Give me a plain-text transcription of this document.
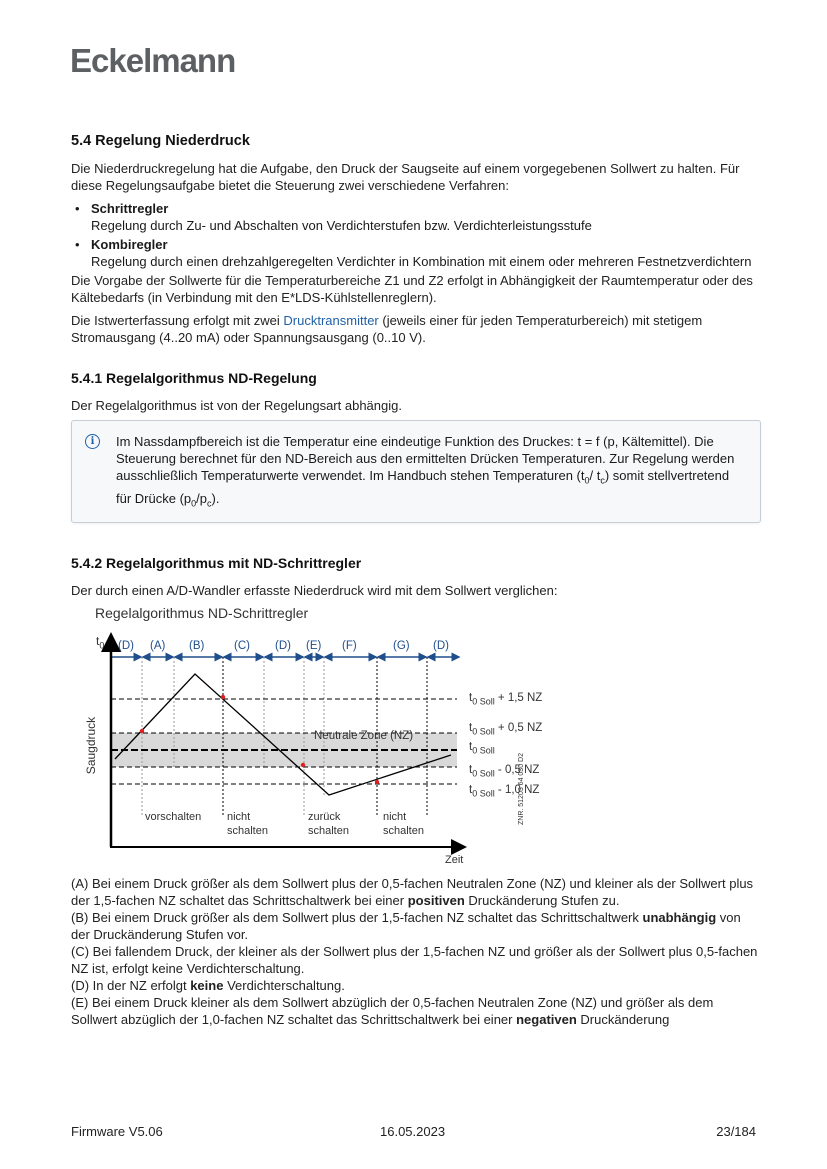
Eckelmann
5.4 Regelung Niederdruck

Die Niederdruckregelung hat die Aufgabe, den Druck der Saugseite auf einem vorgegebenen Sollwert zu halten. Für diese Regelungsaufgabe bietet die Steuerung zwei verschiedene Verfahren:

• Schrittregler
Regelung durch Zu- und Abschalten von Verdichterstufen bzw. Verdichterleistungsstufe
• Kombiregler
Regelung durch einen drehzahlgeregelten Verdichter in Kombination mit einem oder mehreren Festnetzverdichtern

Die Vorgabe der Sollwerte für die Temperaturbereiche Z1 und Z2 erfolgt in Abhängigkeit der Raumtemperatur oder des Kältebedarfs (in Verbindung mit den E*LDS-Kühlstellenreglern).

Die Istwerterfassung erfolgt mit zwei Drucktransmitter (jeweils einer für jeden Temperaturbereich) mit stetigem Stromausgang (4..20 mA) oder Spannungsausgang (0..10 V).

5.4.1 Regelalgorithmus ND-Regelung

Der Regelalgorithmus ist von der Regelungsart abhängig.

i	Im Nassdampfbereich ist die Temperatur eine eindeutige Funktion des Druckes: t = f (p, Kältemittel). Die Steuerung berechnet für den ND-Bereich aus den ermittelten Drücken Temperaturen. Zur Regelung werden ausschließlich Temperaturwerte verwendet. Im Handbuch stehen Temperaturen ($t_0/$ $t_c$) somit stellvertretend für Drücke $(p_0/p_c)$.
5.4.2 Regelalgorithmus mit ND-Schrittregler

Der durch einen A/D-Wandler erfasste Niederdruck wird mit dem Sollwert verglichen:

Regelalgorithmus ND-Schrittregler
$t_0$
Saugdruck
Zeit
(D) (A) (B)	(C) (D) (E) (F)	(G) (D)
Neutrale Zone (NZ)
$t_{0 Soll} + 1,5$ NZ
$t_{0 Soll} + 0,5$ NZ
$t_{0 Soll}$
$t_{0 Soll} - 0,5$ NZ
$t_{0 Soll} - 1,0$ NZ
vorschalten nicht
schalten
zurück
schalten
nicht
schalten
ZNR. 51203 64 030 D2

(A) Bei einem Druck größer als dem Sollwert plus der 0,5-fachen Neutralen Zone (NZ) und kleiner als der Sollwert plus der 1,5-fachen NZ schaltet das Schrittschaltwerk bei einer positiven Druckänderung Stufen zu.

(B) Bei einem Druck größer als dem Sollwert plus der 1,5-fachen NZ schaltet das Schrittschaltwerk unabhängig von der Druckänderung Stufen vor.

(C) Bei fallendem Druck, der kleiner als der Sollwert plus der 1,5-fachen NZ und größer als der Sollwert plus 0,5-fachen NZ ist, erfolgt keine Verdichterschaltung.

(D) In der NZ erfolgt keine Verdichterschaltung.

(E) Bei einem Druck kleiner als dem Sollwert abzüglich der 0,5-fachen Neutralen Zone (NZ) und größer als dem Sollwert abzüglich der 1,0-fachen NZ schaltet das Schrittschaltwerk bei einer negativen Druckänderung

Firmware V5.06	16.05.2023	23/184
